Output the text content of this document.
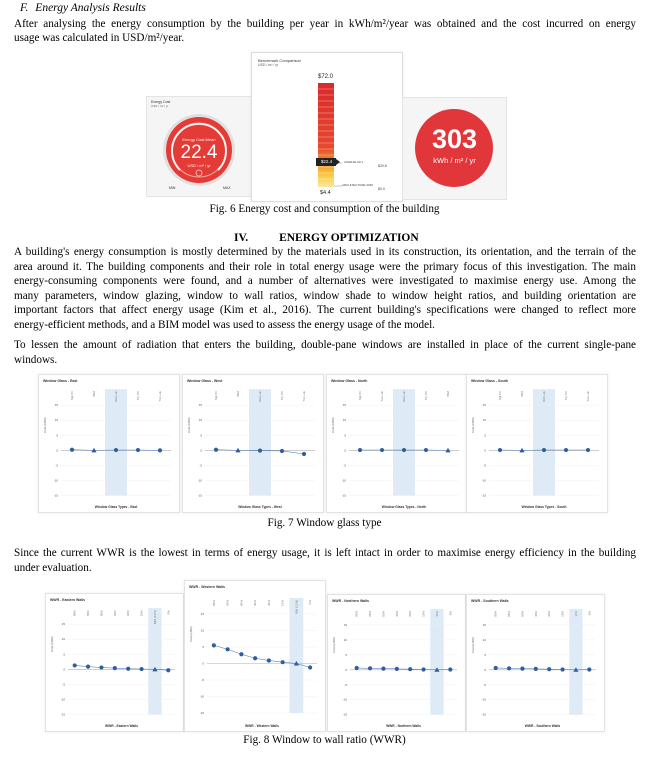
F. Energy Analysis Results
After analysing the energy consumption by the building per year in kWh/m²/year was obtained and the cost incurred on energy
usage was calculated in USD/m²/year.
Energy Cost
USD / m² / yr
Energy Cost Mean
22.4
USD / m² / yr
MIN	MAX
Benchmark Comparison
USD / m² / yr
$72.0
$22.4	ASHRAE 90.1
$20.8
ARCHITECTURE 2030
$0.0
$4.4
303
kWh / m² / yr
Fig. 6 Energy cost and consumption of the building
IV.	ENERGY OPTIMIZATION
A building's energy consumption is mostly determined by the materials used in its construction, its orientation, and the terrain of the
area around it. The building components and their role in total energy usage were the primary focus of this investigation. The main
energy-consuming components were found, and a number of alternatives were investigated to maximise energy use. Among the
many parameters, window glazing, window to wall ratios, window shade to window height ratios, and building orientation are
important factors that affect energy usage (Kim et al., 2016). The current building's specifications were changed to reflect more
energy-efficient methods, and a BIM model was used to assess the energy usage of the model.
To lessen the amount of radiation that enters the building, double-pane windows are installed in place of the current single-pane
windows.
Window Glass - East
15
10
5
0
-5
-10
-15
Cost (USD)
Sgl Clr	BIM	Dbl LoE	Trp Clr	Trp LoE
Window Glass Types - East
Window Glass - West
15
10
5
0
-5
-10
-15
Cost (USD)
Sgl Clr	BIM	Dbl LoE	Trp Clr	Trp LoE
Window Glass Types - West
Window Glass - North
15
10
5
0
-5
-10
-15
Cost (USD)
Sgl Clr	Trp LoE	Dbl LoE	Trp Clr	BIM
Window Glass Types - North
Window Glass - South
15
10
5
0
-5
-10
-15
Cost (USD)
Sgl Clr	BIM	Dbl LoE	Trp Clr	Trp LoE
Window Glass Types - South
Fig. 7 Window glass type
Since the current WWR is the lowest in terms of energy usage, it is left intact in order to maximise energy efficiency in the building
under evaluation.
WWR - Eastern Walls
15
10
5
0
-5
-10
-15
Cost (USD)
95%	65%	50%	40%	30%	15%	BIM (13%)	0%
WWR - Eastern Walls
WWR - Western Walls
15
10
5
0
-5
-10
-15
Cost (USD)
95%	65%	50%	40%	30%	15%	BIM (12%)	0%
WWR - Western Walls
WWR - Northern Walls
15
10
5
0
-5
-10
-15
Cost (USD)
95%	65%	50%	40%	30%	15%	11%	0%
WWR - Northern Walls
WWR - Southern Walls
15
10
5
0
-5
-10
-15
Cost (USD)
95%	65%	50%	40%	30%	15%	11%	0%
WWR - Southern Walls
Fig. 8 Window to wall ratio (WWR)
